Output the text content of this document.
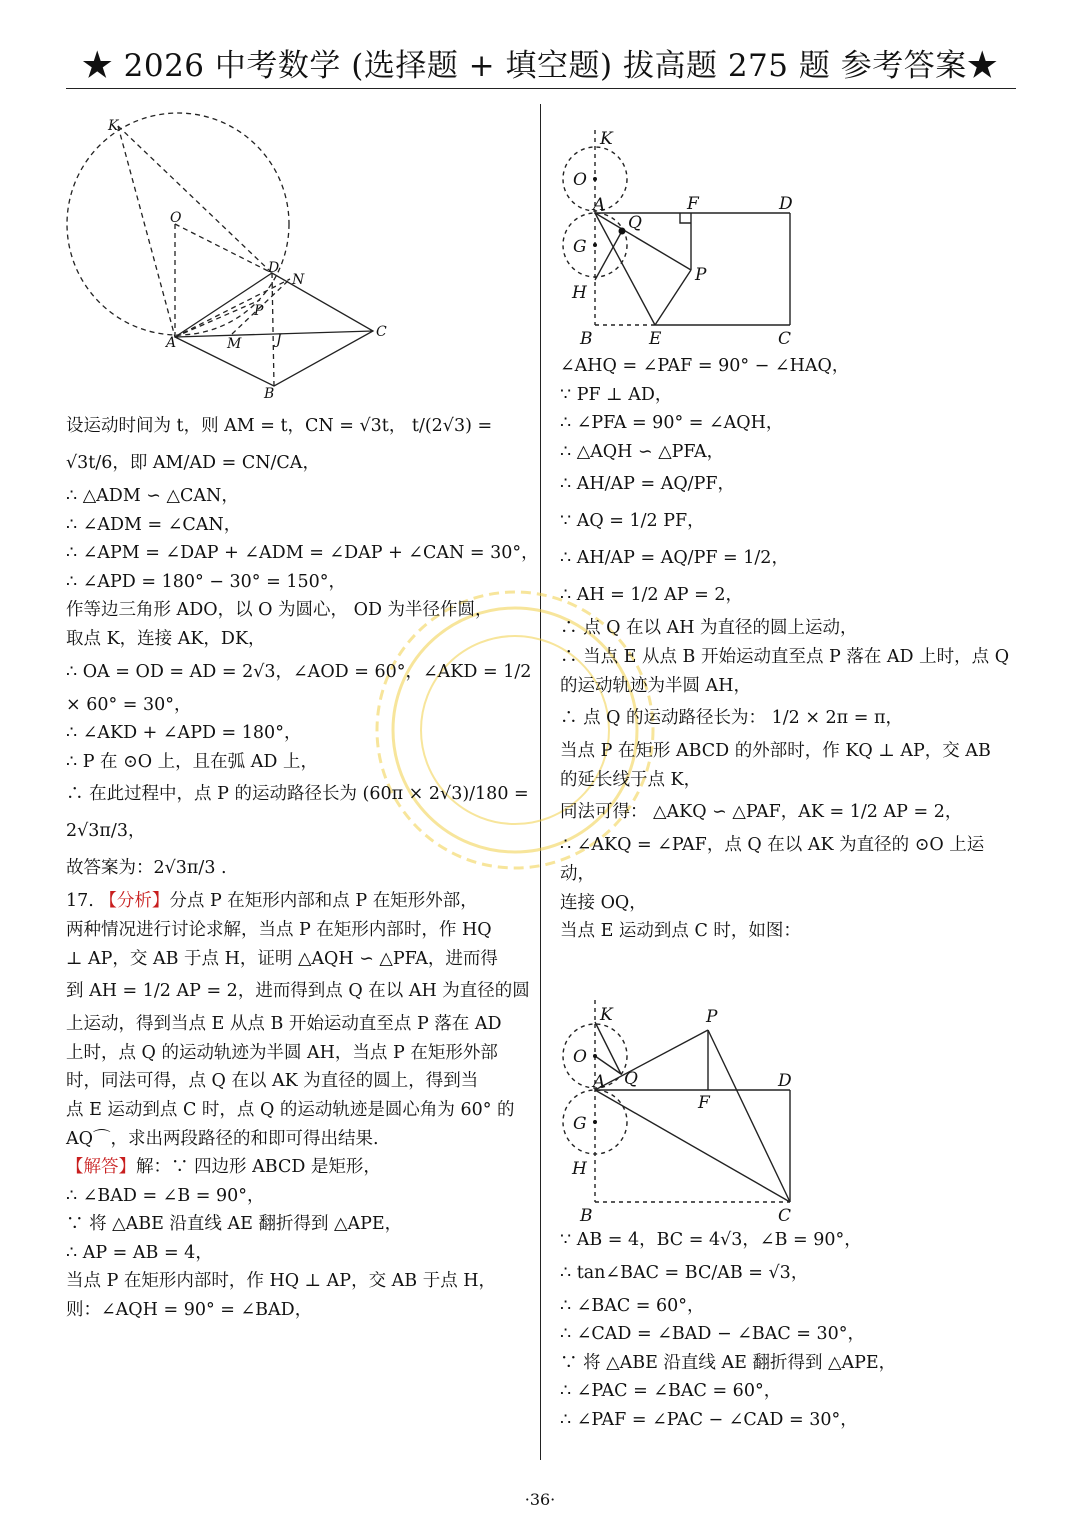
★ 2026 中考数学 (选择题 + 填空题) 拔高题 275 题 参考答案★
K
O
D
N
P
A	M J	C
B
K
O
A	F	D
Q
G
P
H
B	E	C
K	P
O
A Q	D
F
G
H
B	C
设运动时间为 t，则 AM = t，CN = √3t， t/(2√3) =
√3t/6，即 AM/AD = CN/CA，
∴ △ADM ∽ △CAN，
∴ ∠ADM = ∠CAN，
∴ ∠APM = ∠DAP + ∠ADM = ∠DAP + ∠CAN = 30°，
∴ ∠APD = 180° − 30° = 150°，
作等边三角形 ADO，以 O 为圆心， OD 为半径作圆，
取点 K，连接 AK，DK，
∴ OA = OD = AD = 2√3，∠AOD = 60°，∠AKD = 1/2
× 60° = 30°，
∴ ∠AKD + ∠APD = 180°，
∴ P 在 ⊙O 上，且在弧 AD 上，
∴ 在此过程中，点 P 的运动路径长为 (60π × 2√3)/180 =
2√3π/3，
故答案为：2√3π/3 .
17. 【分析】分点 P 在矩形内部和点 P 在矩形外部，
两种情况进行讨论求解，当点 P 在矩形内部时，作 HQ
⊥ AP，交 AB 于点 H，证明 △AQH ∽ △PFA，进而得
到 AH = 1/2 AP = 2，进而得到点 Q 在以 AH 为直径的圆
上运动，得到当点 E 从点 B 开始运动直至点 P 落在 AD
上时，点 Q 的运动轨迹为半圆 AH，当点 P 在矩形外部
时，同法可得，点 Q 在以 AK 为直径的圆上，得到当
点 E 运动到点 C 时，点 Q 的运动轨迹是圆心角为 60° 的
AQ⌒，求出两段路径的和即可得出结果.
【解答】解：∵ 四边形 ABCD 是矩形，
∴ ∠BAD = ∠B = 90°，
∵ 将 △ABE 沿直线 AE 翻折得到 △APE，
∴ AP = AB = 4，
当点 P 在矩形内部时，作 HQ ⊥ AP，交 AB 于点 H，
则：∠AQH = 90° = ∠BAD，
∠AHQ = ∠PAF = 90° − ∠HAQ，
∵ PF ⊥ AD，
∴ ∠PFA = 90° = ∠AQH，
∴ △AQH ∽ △PFA，
∴ AH/AP = AQ/PF，
∵ AQ = 1/2 PF，
∴ AH/AP = AQ/PF = 1/2，
∴ AH = 1/2 AP = 2，
∴ 点 Q 在以 AH 为直径的圆上运动，
∴ 当点 E 从点 B 开始运动直至点 P 落在 AD 上时，点 Q
的运动轨迹为半圆 AH，
∴ 点 Q 的运动路径长为： 1/2 × 2π = π，
当点 P 在矩形 ABCD 的外部时，作 KQ ⊥ AP，交 AB
的延长线于点 K，
同法可得： △AKQ ∽ △PAF，AK = 1/2 AP = 2，
∴ ∠AKQ = ∠PAF，点 Q 在以 AK 为直径的 ⊙O 上运
动，
连接 OQ，
当点 E 运动到点 C 时，如图：
∵ AB = 4，BC = 4√3，∠B = 90°，
∴ tan∠BAC = BC/AB = √3，
∴ ∠BAC = 60°，
∴ ∠CAD = ∠BAD − ∠BAC = 30°，
∵ 将 △ABE 沿直线 AE 翻折得到 △APE，
∴ ∠PAC = ∠BAC = 60°，
∴ ∠PAF = ∠PAC − ∠CAD = 30°，
·36·
